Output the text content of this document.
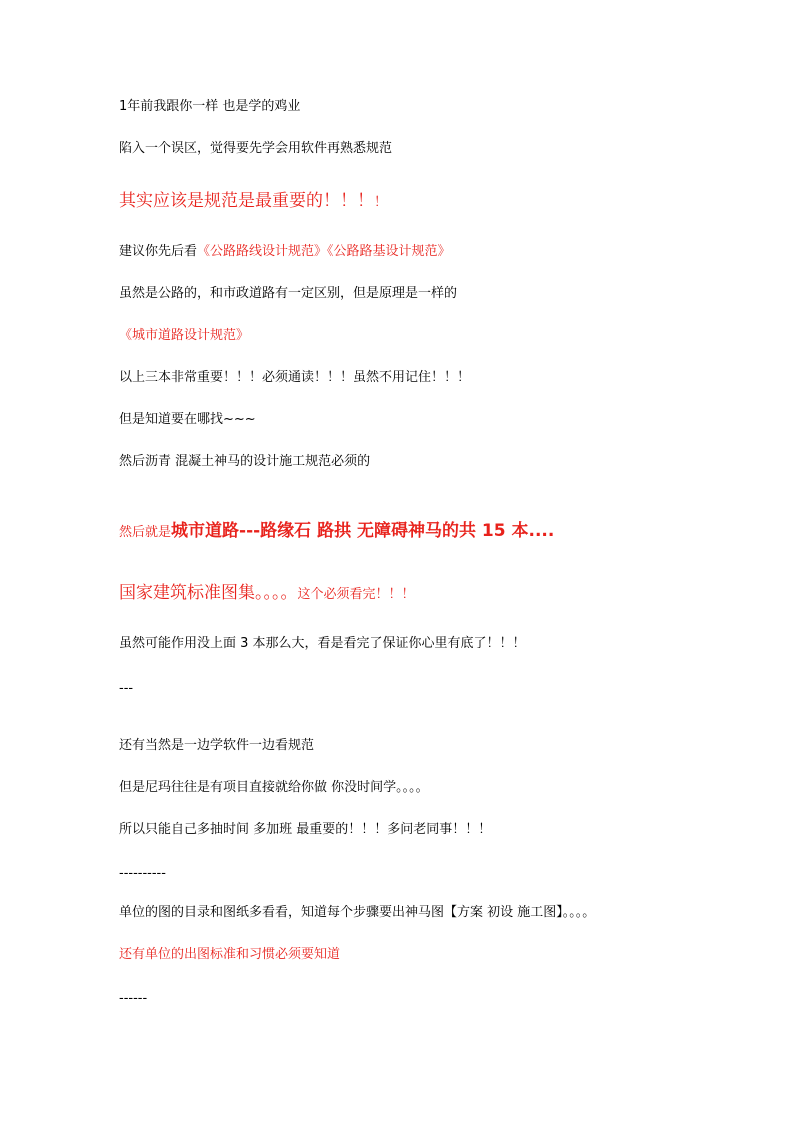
1年前我跟你一样 也是学的鸡业
陷入一个误区，觉得要先学会用软件再熟悉规范
其实应该是规范是最重要的！！！！
建议你先后看《公路路线设计规范》《公路路基设计规范》
虽然是公路的，和市政道路有一定区别，但是原理是一样的
《城市道路设计规范》
以上三本非常重要！！！必须通读！！！虽然不用记住！！！
但是知道要在哪找~~~
然后沥青 混凝土神马的设计施工规范必须的
然后就是城市道路---路缘石 路拱 无障碍神马的共 15 本....
国家建筑标准图集。。。。这个必须看完！！！
虽然可能作用没上面 3 本那么大，看是看完了保证你心里有底了！！！
---
还有当然是一边学软件一边看规范
但是尼玛往往是有项目直接就给你做 你没时间学。。。。
所以只能自己多抽时间 多加班 最重要的！！！多问老同事！！！
----------
单位的图的目录和图纸多看看，知道每个步骤要出神马图【方案 初设 施工图】。。。。
还有单位的出图标准和习惯必须要知道
------
